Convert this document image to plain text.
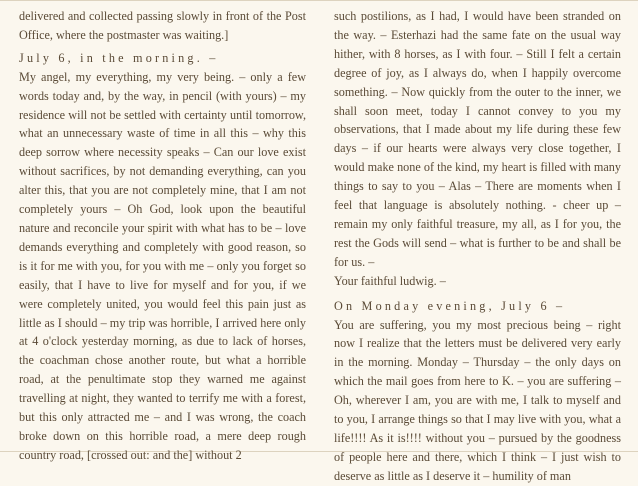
delivered and collected passing slowly in front of the Post Office, where the postmaster was waiting.]

July 6, in the morning. –

My angel, my everything, my very being. – only a few words today and, by the way, in pencil (with yours) – my residence will not be settled with certainty until tomorrow, what an unnecessary waste of time in all this – why this deep sorrow where necessity speaks – Can our love exist without sacrifices, by not demanding everything, can you alter this, that you are not completely mine, that I am not completely yours – Oh God, look upon the beautiful nature and reconcile your spirit with what has to be – love demands everything and completely with good reason, so is it for me with you, for you with me – only you forget so easily, that I have to live for myself and for you, if we were completely united, you would feel this pain just as little as I should – my trip was horrible, I arrived here only at 4 o'clock yesterday morning, as due to lack of horses, the coachman chose another route, but what a horrible road, at the penultimate stop they warned me against travelling at night, they wanted to terrify me with a forest, but this only attracted me – and I was wrong, the coach broke down on this horrible road, a mere deep rough country road, [crossed out: and the] without 2

such postilions, as I had, I would have been stranded on the way. – Esterhazi had the same fate on the usual way hither, with 8 horses, as I with four. – Still I felt a certain degree of joy, as I always do, when I happily overcome something. – Now quickly from the outer to the inner, we shall soon meet, today I cannot convey to you my observations, that I made about my life during these few days – if our hearts were always very close together, I would make none of the kind, my heart is filled with many things to say to you – Alas – There are moments when I feel that language is absolutely nothing. - cheer up – remain my only faithful treasure, my all, as I for you, the rest the Gods will send – what is further to be and shall be for us. –

Your faithful ludwig. –

On Monday evening, July 6 –

You are suffering, you my most precious being – right now I realize that the letters must be delivered very early in the morning. Monday – Thursday – the only days on which the mail goes from here to K. – you are suffering – Oh, wherever I am, you are with me, I talk to myself and to you, I arrange things so that I may live with you, what a life!!!! As it is!!!! without you – pursued by the goodness of people here and there, which I think – I just wish to deserve as little as I deserve it – humility of man
